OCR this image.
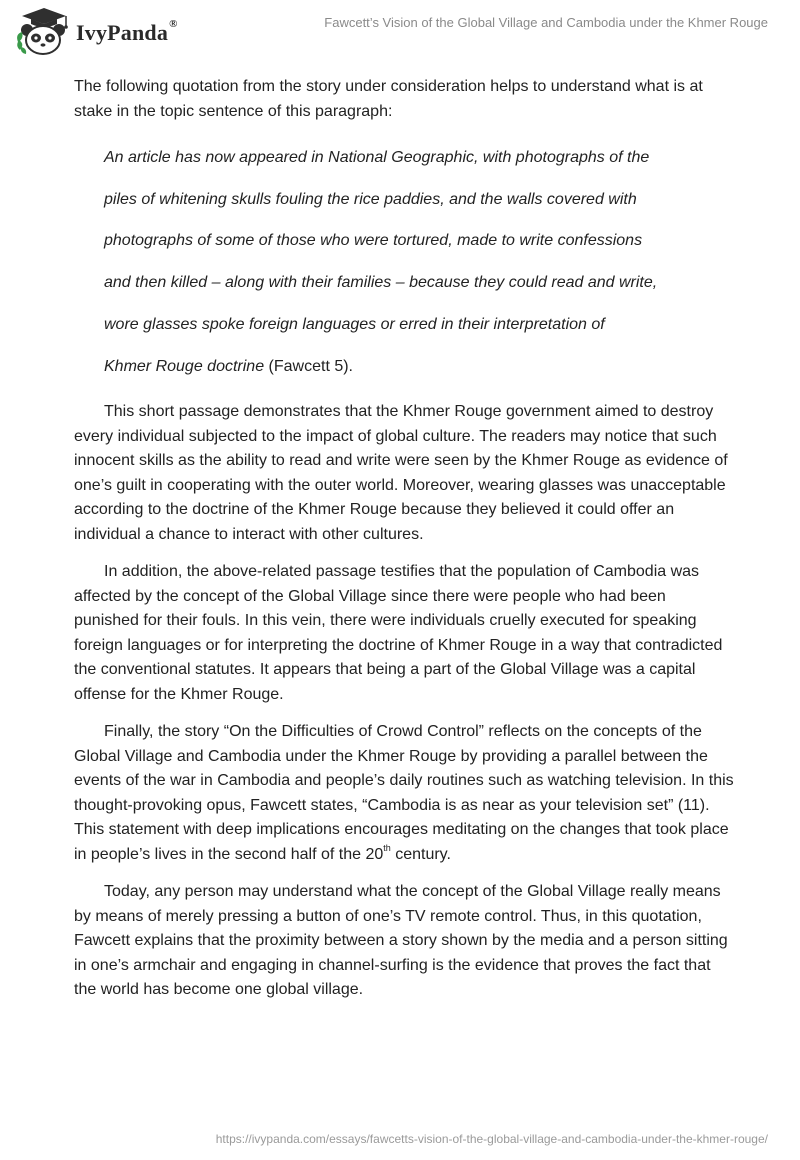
IvyPanda®	Fawcett’s Vision of the Global Village and Cambodia under the Khmer Rouge

The following quotation from the story under consideration helps to understand what is at stake in the topic sentence of this paragraph:

An article has now appeared in National Geographic, with photographs of the
piles of whitening skulls fouling the rice paddies, and the walls covered with
photographs of some of those who were tortured, made to write confessions
and then killed – along with their families – because they could read and write,
wore glasses spoke foreign languages or erred in their interpretation of
Khmer Rouge doctrine (Fawcett 5).

This short passage demonstrates that the Khmer Rouge government aimed to destroy every individual subjected to the impact of global culture. The readers may notice that such innocent skills as the ability to read and write were seen by the Khmer Rouge as evidence of one’s guilt in cooperating with the outer world. Moreover, wearing glasses was unacceptable according to the doctrine of the Khmer Rouge because they believed it could offer an individual a chance to interact with other cultures.

In addition, the above-related passage testifies that the population of Cambodia was affected by the concept of the Global Village since there were people who had been punished for their fouls. In this vein, there were individuals cruelly executed for speaking foreign languages or for interpreting the doctrine of Khmer Rouge in a way that contradicted the conventional statutes. It appears that being a part of the Global Village was a capital offense for the Khmer Rouge.

Finally, the story “On the Difficulties of Crowd Control” reflects on the concepts of the Global Village and Cambodia under the Khmer Rouge by providing a parallel between the events of the war in Cambodia and people’s daily routines such as watching television. In this thought-provoking opus, Fawcett states, “Cambodia is as near as your television set” (11). This statement with deep implications encourages meditating on the changes that took place in people’s lives in the second half of the 20th century.

Today, any person may understand what the concept of the Global Village really means by means of merely pressing a button of one’s TV remote control. Thus, in this quotation, Fawcett explains that the proximity between a story shown by the media and a person sitting in one’s armchair and engaging in channel-surfing is the evidence that proves the fact that the world has become one global village.

https://ivypanda.com/essays/fawcetts-vision-of-the-global-village-and-cambodia-under-the-khmer-rouge/
